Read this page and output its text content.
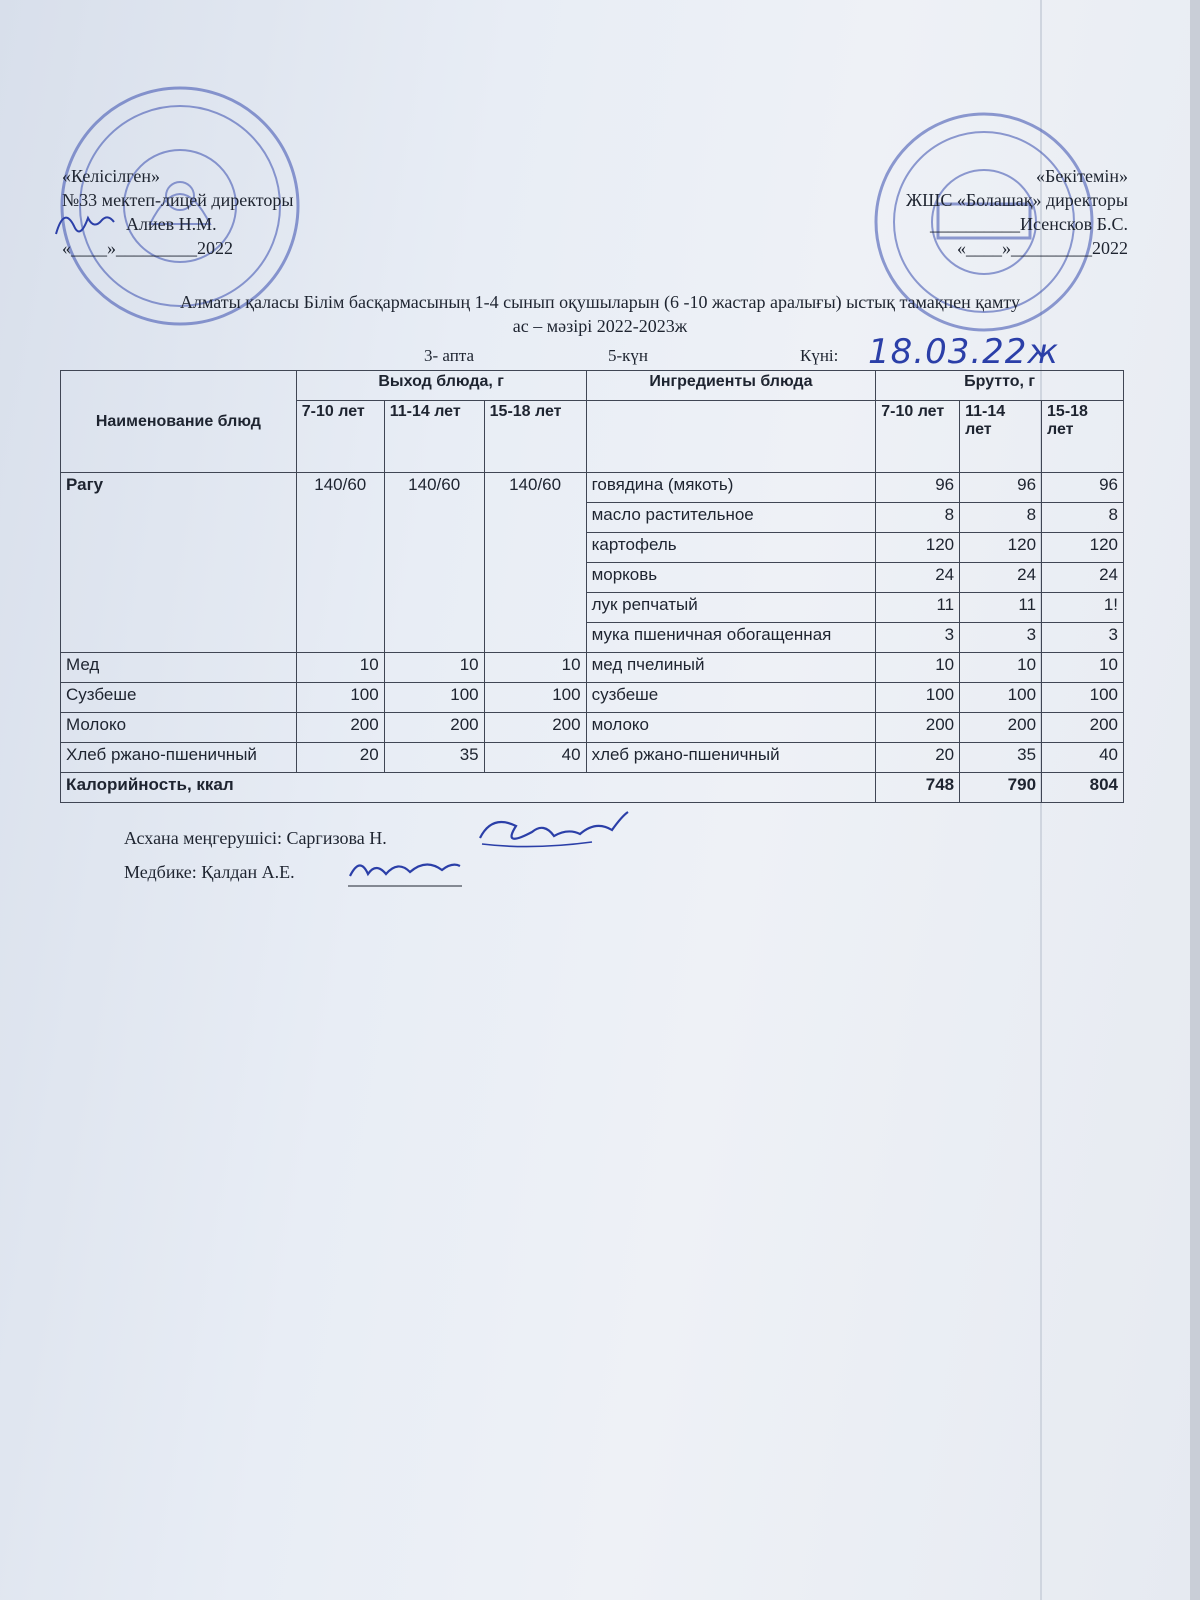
«Келісілген»
№33 мектеп-лицей директоры
Алиев Н.М.
«____»_________2022
«Бекітемін»
ЖШС «Болашақ» директоры
__________Исенсков Б.С.
«____»_________2022
Алматы қаласы Білім басқармасының 1-4 сынып оқушыларын (6 -10 жастар аралығы) ыстық тамақпен қамту
ас – мәзірі 2022-2023ж
3- апта	5-күн	Күні: 18.03.22ж
Наименование блюд	Выход блюда, г			Ингредиенты блюда	Брутто, г		
	7-10 лет	11-14 лет	15-18 лет		7-10 лет	11-14 лет	15-18 лет
Рагу	140/60	140/60	140/60	говядина (мякоть)	96	96	96
				масло растительное	8	8	8
				картофель	120	120	120
				морковь	24	24	24
				лук репчатый	11	11	1!
				мука пшеничная обогащенная	3	3	3
Мед	10	10	10	мед пчелиный	10	10	10
Сузбеше	100	100	100	сузбеше	100	100	100
Молоко	200	200	200	молоко	200	200	200
Хлеб ржано-пшеничный	20	35	40	хлеб ржано-пшеничный	20	35	40
Калорийность, ккал					748	790	804
Асхана меңгерушісі: Саргизова Н.
Медбике: Қалдан А.Е.
